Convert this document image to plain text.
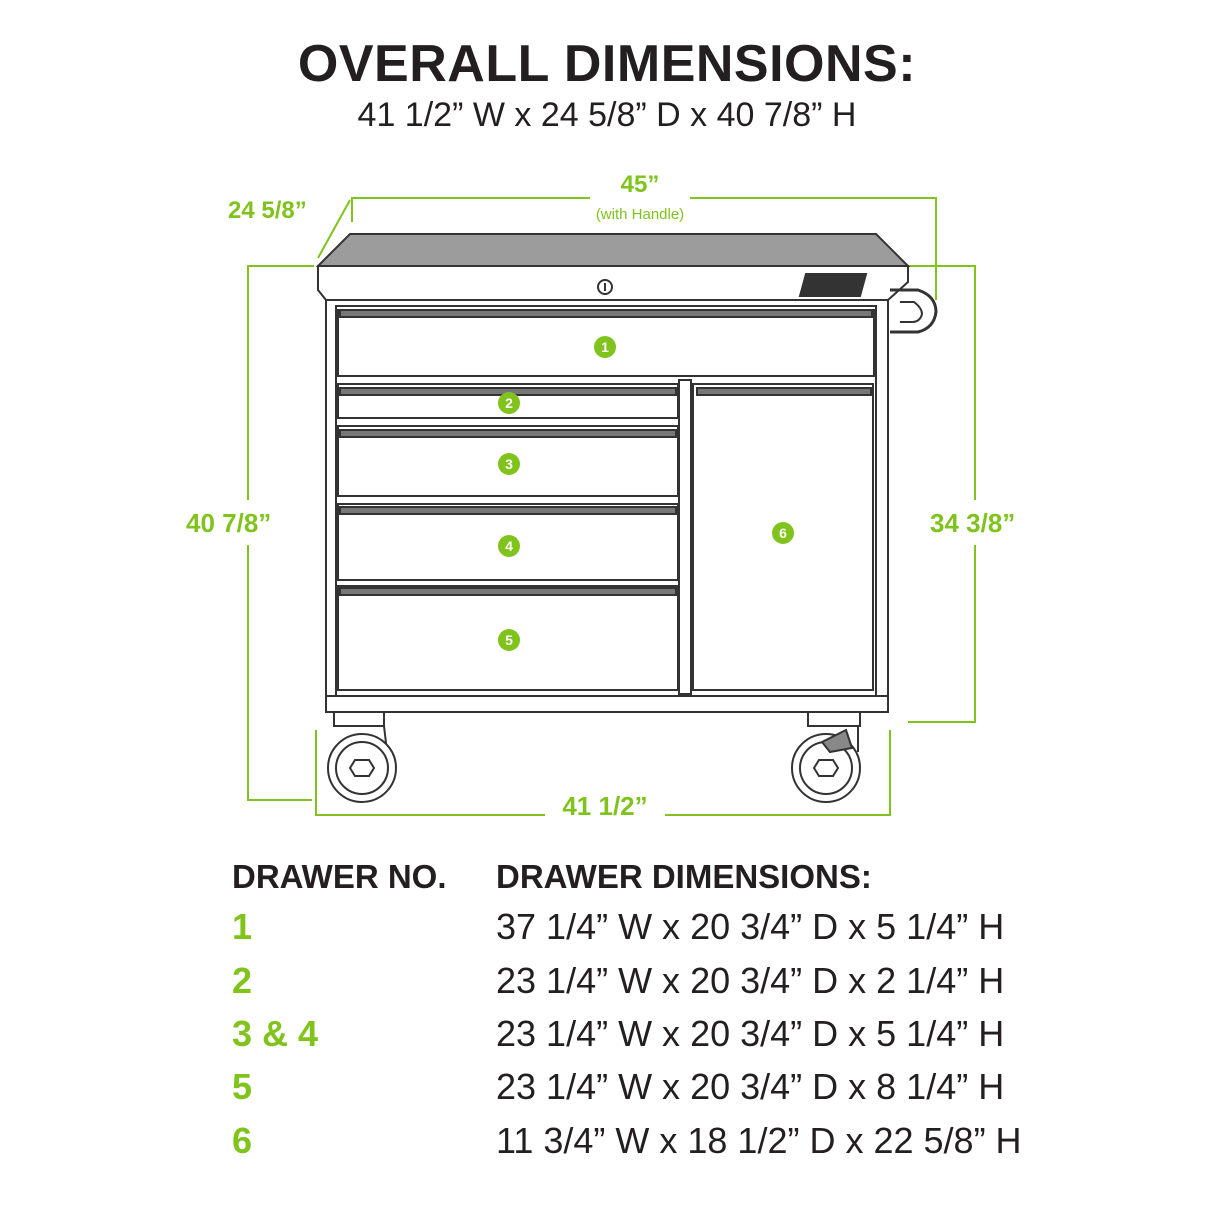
OVERALL DIMENSIONS:
41 1/2” W x 24 5/8” D x 40 7/8” H
24 5/8”
45”
(with Handle)
40 7/8”	34 3/8”
41 1/2”
1
2
3
4
5
6
DRAWER NO. DRAWER DIMENSIONS:
1	37 1/4” W x 20 3/4” D x 5 1/4” H
2	23 1/4” W x 20 3/4” D x 2 1/4” H
3 & 4	23 1/4” W x 20 3/4” D x 5 1/4” H
5	23 1/4” W x 20 3/4” D x 8 1/4” H
6	11 3/4” W x 18 1/2” D x 22 5/8” H
